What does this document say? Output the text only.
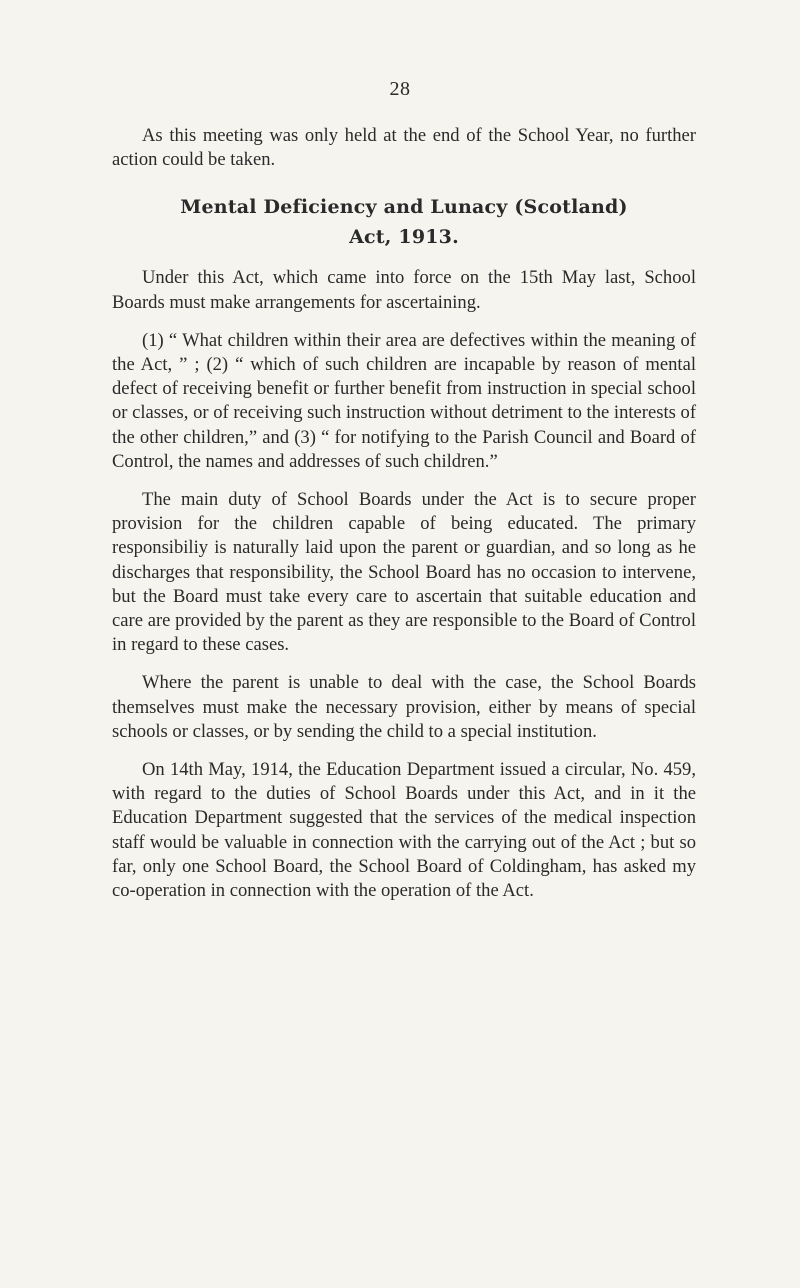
28

As this meeting was only held at the end of the School Year, no further action could be taken.

Mental Deficiency and Lunacy (Scotland)
Act, 1913.

Under this Act, which came into force on the 15th May last, School Boards must make arrangements for ascertaining.

(1) “ What children within their area are defectives within the meaning of the Act, ” ; (2) “ which of such children are incapable by reason of mental defect of receiving benefit or further benefit from instruction in special school or classes, or of receiving such instruction without detriment to the interests of the other children,” and (3) “ for notifying to the Parish Council and Board of Control, the names and addresses of such children.”

The main duty of School Boards under the Act is to secure proper provision for the children capable of being educated. The primary responsibiliy is naturally laid upon the parent or guardian, and so long as he discharges that responsibility, the School Board has no occasion to intervene, but the Board must take every care to ascertain that suitable education and care are provided by the parent as they are responsible to the Board of Control in regard to these cases.

Where the parent is unable to deal with the case, the School Boards themselves must make the necessary provision, either by means of special schools or classes, or by sending the child to a special institution.

On 14th May, 1914, the Education Department issued a circular, No. 459, with regard to the duties of School Boards under this Act, and in it the Education Department suggested that the services of the medical inspection staff would be valuable in connection with the carrying out of the Act ; but so far, only one School Board, the School Board of Coldingham, has asked my co-operation in connection with the operation of the Act.
